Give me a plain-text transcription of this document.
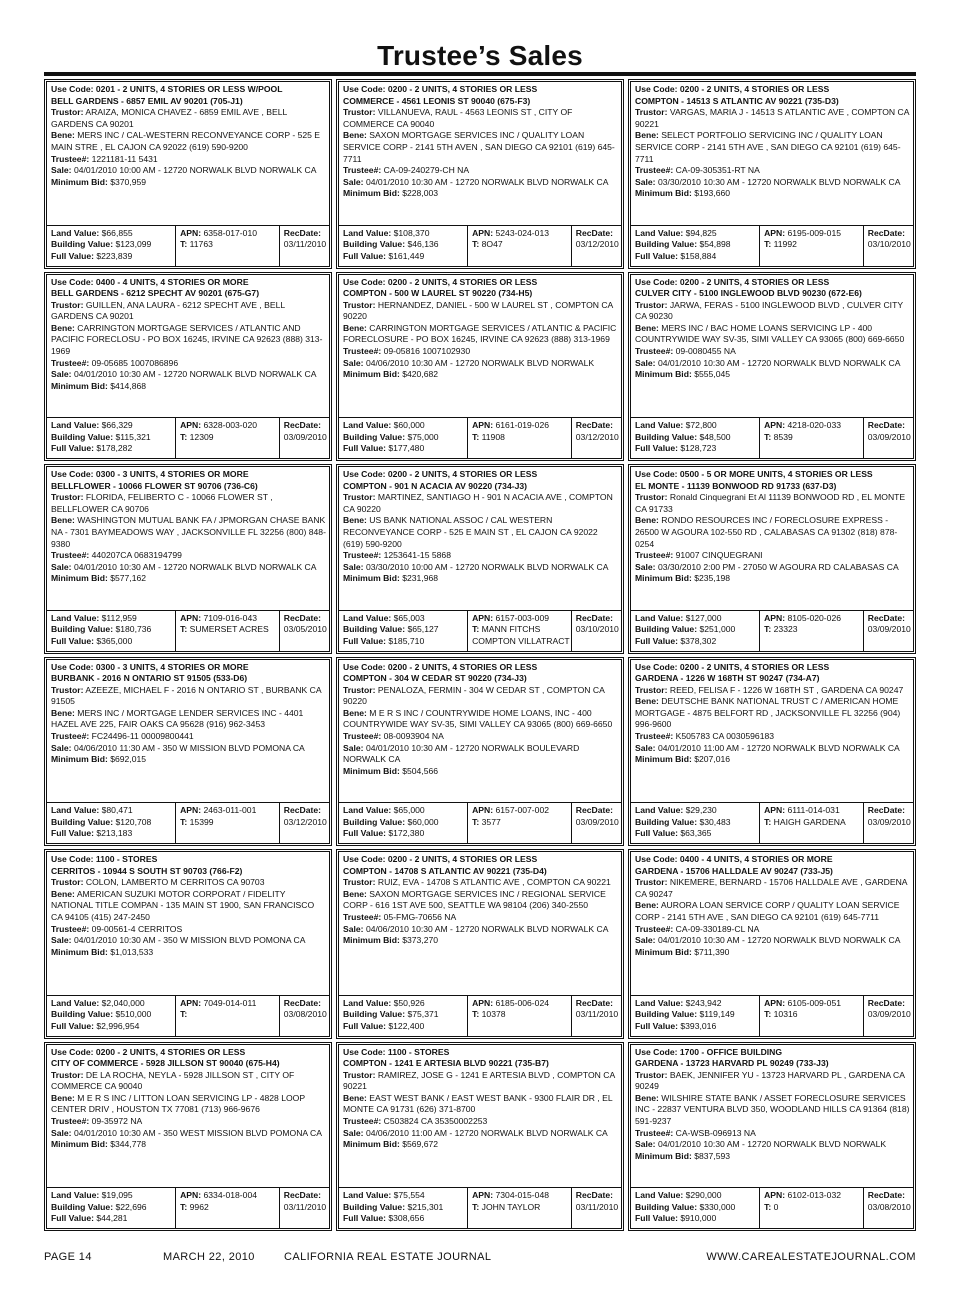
Trustee’s Sales
Use Code: 0201 - 2 UNITS, 4 STORIES OR LESS W/POOL
BELL GARDENS - 6857 EMIL AV 90201 (705-J1)
Trustor: ARAIZA, MONICA CHAVEZ - 6859 EMIL AVE , BELL GARDENS CA 90201
Bene: MERS INC / CAL-WESTERN RECONVEYANCE CORP - 525 E MAIN STRE , EL CAJON CA 92022 (619) 590-9200
Trustee#: 1221181-11 5431
Sale: 04/01/2010 10:00 AM - 12720 NORWALK BLVD NORWALK CA
Minimum Bid: $370,959
Land Value: $66,855
Building Value: $123,099
Full Value: $223,839
APN: 6358-017-010
T: 11763
RecDate:
03/11/2010
Use Code: 0200 - 2 UNITS, 4 STORIES OR LESS
COMMERCE - 4561 LEONIS ST 90040 (675-F3)
Trustor: VILLANUEVA, RAUL - 4563 LEONIS ST , CITY OF COMMERCE CA 90040
Bene: SAXON MORTGAGE SERVICES INC / QUALITY LOAN SERVICE CORP - 2141 5TH AVEN , SAN DIEGO CA 92101 (619) 645-7711
Trustee#: CA-09-240279-CH NA
Sale: 04/01/2010 10:30 AM - 12720 NORWALK BLVD NORWALK CA
Minimum Bid: $228,003
Land Value: $108,370
Building Value: $46,136
Full Value: $161,449
APN: 5243-024-013
T: 8O47
RecDate:
03/12/2010
Use Code: 0200 - 2 UNITS, 4 STORIES OR LESS
COMPTON - 14513 S ATLANTIC AV 90221 (735-D3)
Trustor: VARGAS, MARIA J - 14513 S ATLANTIC AVE , COMPTON CA 90221
Bene: SELECT PORTFOLIO SERVICING INC / QUALITY LOAN SERVICE CORP - 2141 5TH AVE , SAN DIEGO CA 92101 (619) 645-7711
Trustee#: CA-09-305351-RT NA
Sale: 03/30/2010 10:30 AM - 12720 NORWALK BLVD NORWALK CA
Minimum Bid: $193,660
Land Value: $94,825
Building Value: $54,898
Full Value: $158,884
APN: 6195-009-015
T: 11992
RecDate:
03/10/2010
Use Code: 0400 - 4 UNITS, 4 STORIES OR MORE
BELL GARDENS - 6212 SPECHT AV 90201 (675-G7)
Trustor: GUILLEN, ANA LAURA - 6212 SPECHT AVE , BELL GARDENS CA 90201
Bene: CARRINGTON MORTGAGE SERVICES / ATLANTIC AND PACIFIC FORECLOSU - PO BOX 16245, IRVINE CA 92623 (888) 313-1969
Trustee#: 09-05685 1007086896
Sale: 04/01/2010 10:30 AM - 12720 NORWALK BLVD NORWALK CA
Minimum Bid: $414,868
Land Value: $66,329
Building Value: $115,321
Full Value: $178,282
APN: 6328-003-020
T: 12309
RecDate:
03/09/2010
Use Code: 0200 - 2 UNITS, 4 STORIES OR LESS
COMPTON - 500 W LAUREL ST 90220 (734-H5)
Trustor: HERNANDEZ, DANIEL - 500 W LAUREL ST , COMPTON CA 90220
Bene: CARRINGTON MORTGAGE SERVICES / ATLANTIC & PACIFIC FORECLOSURE - PO BOX 16245, IRVINE CA 92623 (888) 313-1969
Trustee#: 09-05816 1007102930
Sale: 04/06/2010 10:30 AM - 12720 NORWALK BLVD NORWALK
Minimum Bid: $420,682
Land Value: $60,000
Building Value: $75,000
Full Value: $177,480
APN: 6161-019-026
T: 11908
RecDate:
03/12/2010
Use Code: 0200 - 2 UNITS, 4 STORIES OR LESS
CULVER CITY - 5100 INGLEWOOD BLVD 90230 (672-E6)
Trustor: JARWA, FERAS - 5100 INGLEWOOD BLVD , CULVER CITY CA 90230
Bene: MERS INC / BAC HOME LOANS SERVICING LP - 400 COUNTRYWIDE WAY SV-35, SIMI VALLEY CA 93065 (800) 669-6650
Trustee#: 09-0080455 NA
Sale: 04/01/2010 10:30 AM - 12720 NORWALK BLVD NORWALK CA
Minimum Bid: $555,045
Land Value: $72,800
Building Value: $48,500
Full Value: $128,723
APN: 4218-020-033
T: 8539
RecDate:
03/09/2010
Use Code: 0300 - 3 UNITS, 4 STORIES OR MORE
BELLFLOWER - 10066 FLOWER ST 90706 (736-C6)
Trustor: FLORIDA, FELIBERTO C - 10066 FLOWER ST , BELLFLOWER CA 90706
Bene: WASHINGTON MUTUAL BANK FA / JPMORGAN CHASE BANK NA - 7301 BAYMEADOWS WAY , JACKSONVILLE FL 32256 (800) 848-9380
Trustee#: 440207CA 0683194799
Sale: 04/01/2010 10:30 AM - 12720 NORWALK BLVD NORWALK CA
Minimum Bid: $577,162
Land Value: $112,959
Building Value: $180,736
Full Value: $365,000
APN: 7109-016-043
T: SUMERSET ACRES
RecDate:
03/05/2010
Use Code: 0200 - 2 UNITS, 4 STORIES OR LESS
COMPTON - 901 N ACACIA AV 90220 (734-J3)
Trustor: MARTINEZ, SANTIAGO H - 901 N ACACIA AVE , COMPTON CA 90220
Bene: US BANK NATIONAL ASSOC / CAL WESTERN RECONVEYANCE CORP - 525 E MAIN ST , EL CAJON CA 92022 (619) 590-9200
Trustee#: 1253641-15 5868
Sale: 03/30/2010 10:00 AM - 12720 NORWALK BLVD NORWALK CA
Minimum Bid: $231,968
Land Value: $65,003
Building Value: $65,127
Full Value: $185,710
APN: 6157-003-009
T: MANN FITCHS COMPTON VILLATRACT
RecDate:
03/10/2010
Use Code: 0500 - 5 OR MORE UNITS, 4 STORIES OR LESS
EL MONTE - 11139 BONWOOD RD 91733 (637-D3)
Trustor: Ronald Cinquegrani Et Al 11139 BONWOOD RD , EL MONTE CA 91733
Bene: RONDO RESOURCES INC / FORECLOSURE EXPRESS - 26500 W AGOURA 102-550 RD , CALABASAS CA 91302 (818) 878-0254
Trustee#: 91007 CINQUEGRANI
Sale: 03/30/2010 2:00 PM - 27050 W AGOURA RD CALABASAS CA
Minimum Bid: $235,198
Land Value: $127,000
Building Value: $251,000
Full Value: $378,302
APN: 8105-020-026
T: 23323
RecDate:
03/09/2010
Use Code: 0300 - 3 UNITS, 4 STORIES OR MORE
BURBANK - 2016 N ONTARIO ST 91505 (533-D6)
Trustor: AZEEZE, MICHAEL F - 2016 N ONTARIO ST , BURBANK CA 91505
Bene: MERS INC / MORTGAGE LENDER SERVICES INC - 4401 HAZEL AVE 225, FAIR OAKS CA 95628 (916) 962-3453
Trustee#: FC24496-11 00009800441
Sale: 04/06/2010 11:30 AM - 350 W MISSION BLVD POMONA CA
Minimum Bid: $692,015
Land Value: $80,471
Building Value: $120,708
Full Value: $213,183
APN: 2463-011-001
T: 15399
RecDate:
03/12/2010
Use Code: 0200 - 2 UNITS, 4 STORIES OR LESS
COMPTON - 304 W CEDAR ST 90220 (734-J3)
Trustor: PENALOZA, FERMIN - 304 W CEDAR ST , COMPTON CA 90220
Bene: M E R S INC / COUNTRYWIDE HOME LOANS, INC - 400 COUNTRYWIDE WAY SV-35, SIMI VALLEY CA 93065 (800) 669-6650
Trustee#: 08-0093904 NA
Sale: 04/01/2010 10:30 AM - 12720 NORWALK BOULEVARD NORWALK CA
Minimum Bid: $504,566
Land Value: $65,000
Building Value: $60,000
Full Value: $172,380
APN: 6157-007-002
T: 3577
RecDate:
03/09/2010
Use Code: 0200 - 2 UNITS, 4 STORIES OR LESS
GARDENA - 1226 W 168TH ST 90247 (734-A7)
Trustor: REED, FELISA F - 1226 W 168TH ST , GARDENA CA 90247
Bene: DEUTSCHE BANK NATIONAL TRUST C / AMERICAN HOME MORTGAGE - 4875 BELFORT RD , JACKSONVILLE FL 32256 (904) 996-9600
Trustee#: K505783 CA 0030596183
Sale: 04/01/2010 11:00 AM - 12720 NORWALK BLVD NORWALK CA
Minimum Bid: $207,016
Land Value: $29,230
Building Value: $30,483
Full Value: $63,365
APN: 6111-014-031
T: HAIGH GARDENA
RecDate:
03/09/2010
Use Code: 1100 - STORES
CERRITOS - 10944 S SOUTH ST 90703 (766-F2)
Trustor: COLON, LAMBERTO M CERRITOS CA 90703
Bene: AMERICAN SUZUKI MOTOR CORPORAT / FIDELITY NATIONAL TITLE COMPAN - 135 MAIN ST 1900, SAN FRANCISCO CA 94105 (415) 247-2450
Trustee#: 09-00561-4 CERRITOS
Sale: 04/01/2010 10:30 AM - 350 W MISSION BLVD POMONA CA
Minimum Bid: $1,013,533
Land Value: $2,040,000
Building Value: $510,000
Full Value: $2,996,954
APN: 7049-014-011
T:
RecDate:
03/08/2010
Use Code: 0200 - 2 UNITS, 4 STORIES OR LESS
COMPTON - 14708 S ATLANTIC AV 90221 (735-D4)
Trustor: RUIZ, EVA - 14708 S ATLANTIC AVE , COMPTON CA 90221
Bene: SAXON MORTGAGE SERVICES INC / REGIONAL SERVICE CORP - 616 1ST AVE 500, SEATTLE WA 98104 (206) 340-2550
Trustee#: 05-FMG-70656 NA
Sale: 04/06/2010 10:30 AM - 12720 NORWALK BLVD NORWALK CA
Minimum Bid: $373,270
Land Value: $50,926
Building Value: $75,371
Full Value: $122,400
APN: 6185-006-024
T: 10378
RecDate:
03/11/2010
Use Code: 0400 - 4 UNITS, 4 STORIES OR MORE
GARDENA - 15706 HALLDALE AV 90247 (733-J5)
Trustor: NIKEMERE, BERNARD - 15706 HALLDALE AVE , GARDENA CA 90247
Bene: AURORA LOAN SERVICE CORP / QUALITY LOAN SERVICE CORP - 2141 5TH AVE , SAN DIEGO CA 92101 (619) 645-7711
Trustee#: CA-09-330189-CL NA
Sale: 04/01/2010 10:30 AM - 12720 NORWALK BLVD NORWALK CA
Minimum Bid: $711,390
Land Value: $243,942
Building Value: $119,149
Full Value: $393,016
APN: 6105-009-051
T: 10316
RecDate:
03/09/2010
Use Code: 0200 - 2 UNITS, 4 STORIES OR LESS
CITY OF COMMERCE - 5928 JILLSON ST 90040 (675-H4)
Trustor: DE LA ROCHA, NEYLA - 5928 JILLSON ST , CITY OF COMMERCE CA 90040
Bene: M E R S INC / LITTON LOAN SERVICING LP - 4828 LOOP CENTER DRIV , HOUSTON TX 77081 (713) 966-9676
Trustee#: 09-35972 NA
Sale: 04/01/2010 10:30 AM - 350 WEST MISSION BLVD POMONA CA
Minimum Bid: $344,778
Land Value: $19,095
Building Value: $22,696
Full Value: $44,281
APN: 6334-018-004
T: 9962
RecDate:
03/11/2010
Use Code: 1100 - STORES
COMPTON - 1241 E ARTESIA BLVD 90221 (735-B7)
Trustor: RAMIREZ, JOSE G - 1241 E ARTESIA BLVD , COMPTON CA 90221
Bene: EAST WEST BANK / EAST WEST BANK - 9300 FLAIR DR , EL MONTE CA 91731 (626) 371-8700
Trustee#: C503824 CA 35350002253
Sale: 04/06/2010 11:00 AM - 12720 NORWALK BLVD NORWALK CA
Minimum Bid: $569,672
Land Value: $75,554
Building Value: $215,301
Full Value: $308,656
APN: 7304-015-048
T: JOHN TAYLOR
RecDate:
03/11/2010
Use Code: 1700 - OFFICE BUILDING
GARDENA - 13723 HARVARD PL 90249 (733-J3)
Trustor: BAEK, JENNIFER YU - 13723 HARVARD PL , GARDENA CA 90249
Bene: WILSHIRE STATE BANK / ASSET FORECLOSURE SERVICES INC - 22837 VENTURA BLVD 350, WOODLAND HILLS CA 91364 (818) 591-9237
Trustee#: CA-WSB-096913 NA
Sale: 04/01/2010 10:30 AM - 12720 NORWALK BLVD NORWALK
Minimum Bid: $837,593
Land Value: $290,000
Building Value: $330,000
Full Value: $910,000
APN: 6102-013-032
T: 0
RecDate:
03/08/2010
PAGE 14	MARCH 22, 2010	CALIFORNIA REAL ESTATE JOURNAL	WWW.CAREALESTATEJOURNAL.COM
